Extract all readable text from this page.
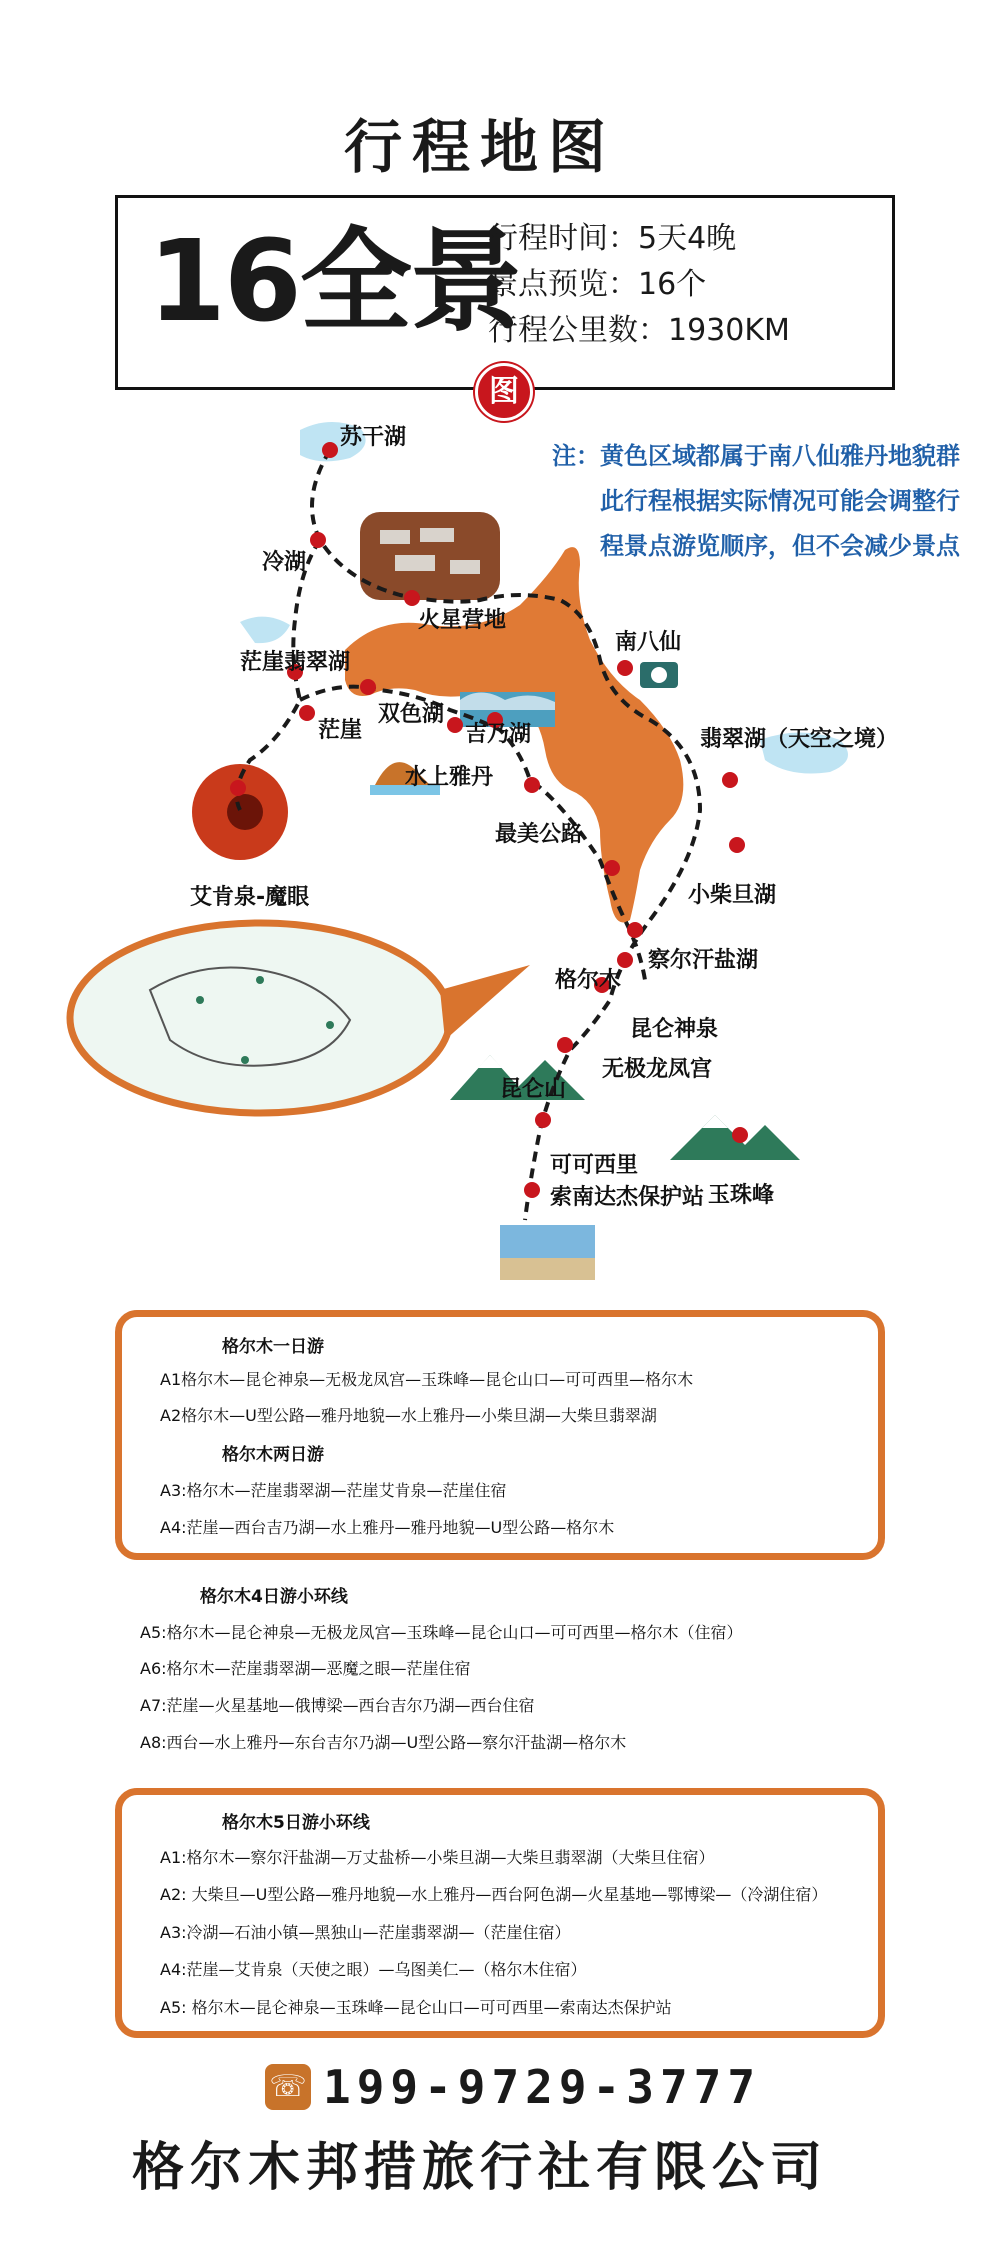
行程地图
16全景
行程时间：5天4晚
景点预览：16个
行程公里数：1930KM
图
注：黄色区域都属于南八仙雅丹地貌群
此行程根据实际情况可能会调整行
程景点游览顺序，但不会减少景点
苏干湖
冷湖
火星营地
南八仙
茫崖翡翠湖
双色湖
茫崖	吉乃湖	翡翠湖（天空之境）
水上雅丹
最美公路
艾肯泉-魔眼	小柴旦湖
察尔汗盐湖
格尔木
昆仑神泉
无极龙凤宫
昆仑山
可可西里
索南达杰保护站 玉珠峰
格尔木一日游
A1格尔木—昆仑神泉—无极龙凤宫—玉珠峰—昆仑山口—可可西里—格尔木
A2格尔木—U型公路—雅丹地貌—水上雅丹—小柴旦湖—大柴旦翡翠湖
格尔木两日游
A3:格尔木—茫崖翡翠湖—茫崖艾肯泉—茫崖住宿
A4:茫崖—西台吉乃湖—水上雅丹—雅丹地貌—U型公路—格尔木
格尔木4日游小环线
A5:格尔木—昆仑神泉—无极龙凤宫—玉珠峰—昆仑山口—可可西里—格尔木（住宿）
A6:格尔木—茫崖翡翠湖—恶魔之眼—茫崖住宿
A7:茫崖—火星基地—俄博梁—西台吉尔乃湖—西台住宿
A8:西台—水上雅丹—东台吉尔乃湖—U型公路—察尔汗盐湖—格尔木
格尔木5日游小环线
A1:格尔木—察尔汗盐湖—万丈盐桥—小柴旦湖—大柴旦翡翠湖（大柴旦住宿）
A2: 大柴旦—U型公路—雅丹地貌—水上雅丹—西台阿色湖—火星基地—鄂博梁—（冷湖住宿）
A3:冷湖—石油小镇—黑独山—茫崖翡翠湖—（茫崖住宿）
A4:茫崖—艾肯泉（天使之眼）—乌图美仁—（格尔木住宿）
A5: 格尔木—昆仑神泉—玉珠峰—昆仑山口—可可西里—索南达杰保护站
☏ 199-9729-3777
格尔木邦措旅行社有限公司
